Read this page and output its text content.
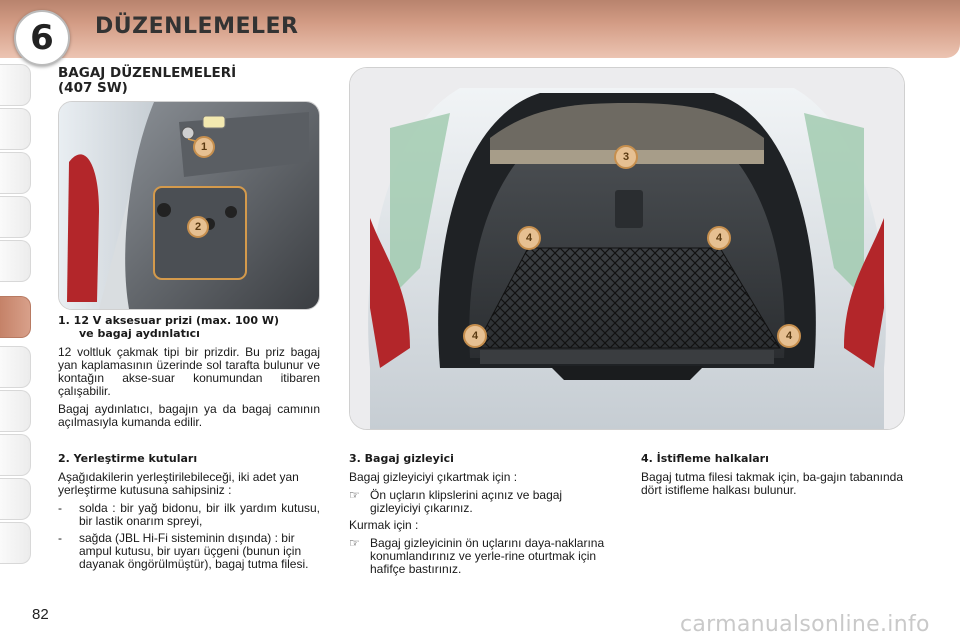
6	DÜZENLEMELER
BAGAJ DÜZENLEMELERİ
(407 SW)
1
2
3
4	4
4	4

1. 12 V aksesuar prizi (max. 100 W)

ve bagaj aydınlatıcı

12 voltluk çakmak tipi bir prizdir. Bu priz bagaj yan kaplamasının üzerinde sol tarafta bulunur ve kontağın akse-suar konumundan itibaren çalışabilir.

Bagaj aydınlatıcı, bagajın ya da bagaj camının açılmasıyla kumanda edilir.

2. Yerleştirme kutuları

Aşağıdakilerin yerleştirilebileceği, iki adet yan yerleştirme kutusuna sahipsiniz :

- solda : bir yağ bidonu, bir ilk yardım kutusu, bir lastik onarım spreyi,
- sağda (JBL Hi-Fi sisteminin dışında) : bir ampul kutusu, bir uyarı üçgeni (bunun için dayanak öngörülmüştür), bagaj tutma filesi.

3. Bagaj gizleyici

Bagaj gizleyiciyi çıkartmak için :

☞ Ön uçların klipslerini açınız ve bagaj gizleyiciyi çıkarınız.

Kurmak için :

☞ Bagaj gizleyicinin ön uçlarını daya-naklarına konumlandırınız ve yerle-rine oturtmak için hafifçe bastırınız.

4. İstifleme halkaları

Bagaj tutma filesi takmak için, ba-gajın tabanında dört istifleme halkası bulunur.

82	carmanualsonline.info
